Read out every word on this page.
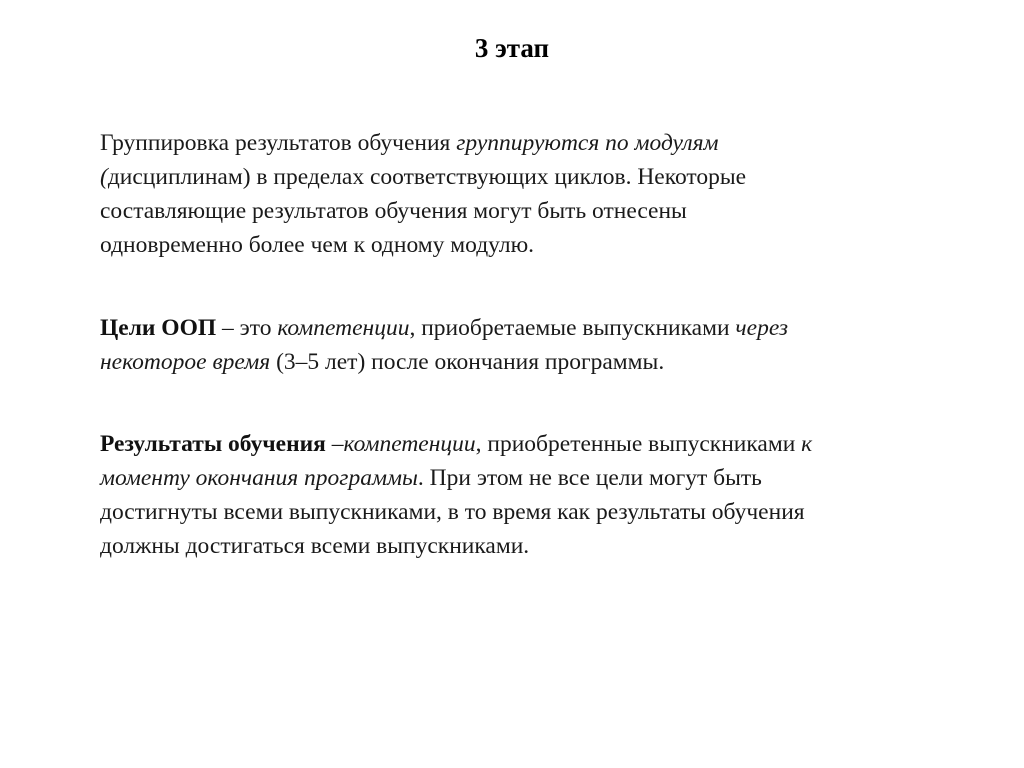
3 этап
Группировка результатов обучения группируются по модулям
(дисциплинам) в пределах соответствующих циклов. Некоторые
составляющие результатов обучения могут быть отнесены
одновременно более чем к одному модулю.
Цели ООП – это компетенции, приобретаемые выпускниками через
некоторое время (3–5 лет) после окончания программы.
Результаты обучения –компетенции, приобретенные выпускниками к
моменту окончания программы. При этом не все цели могут быть
достигнуты всеми выпускниками, в то время как результаты обучения
должны достигаться всеми выпускниками.
